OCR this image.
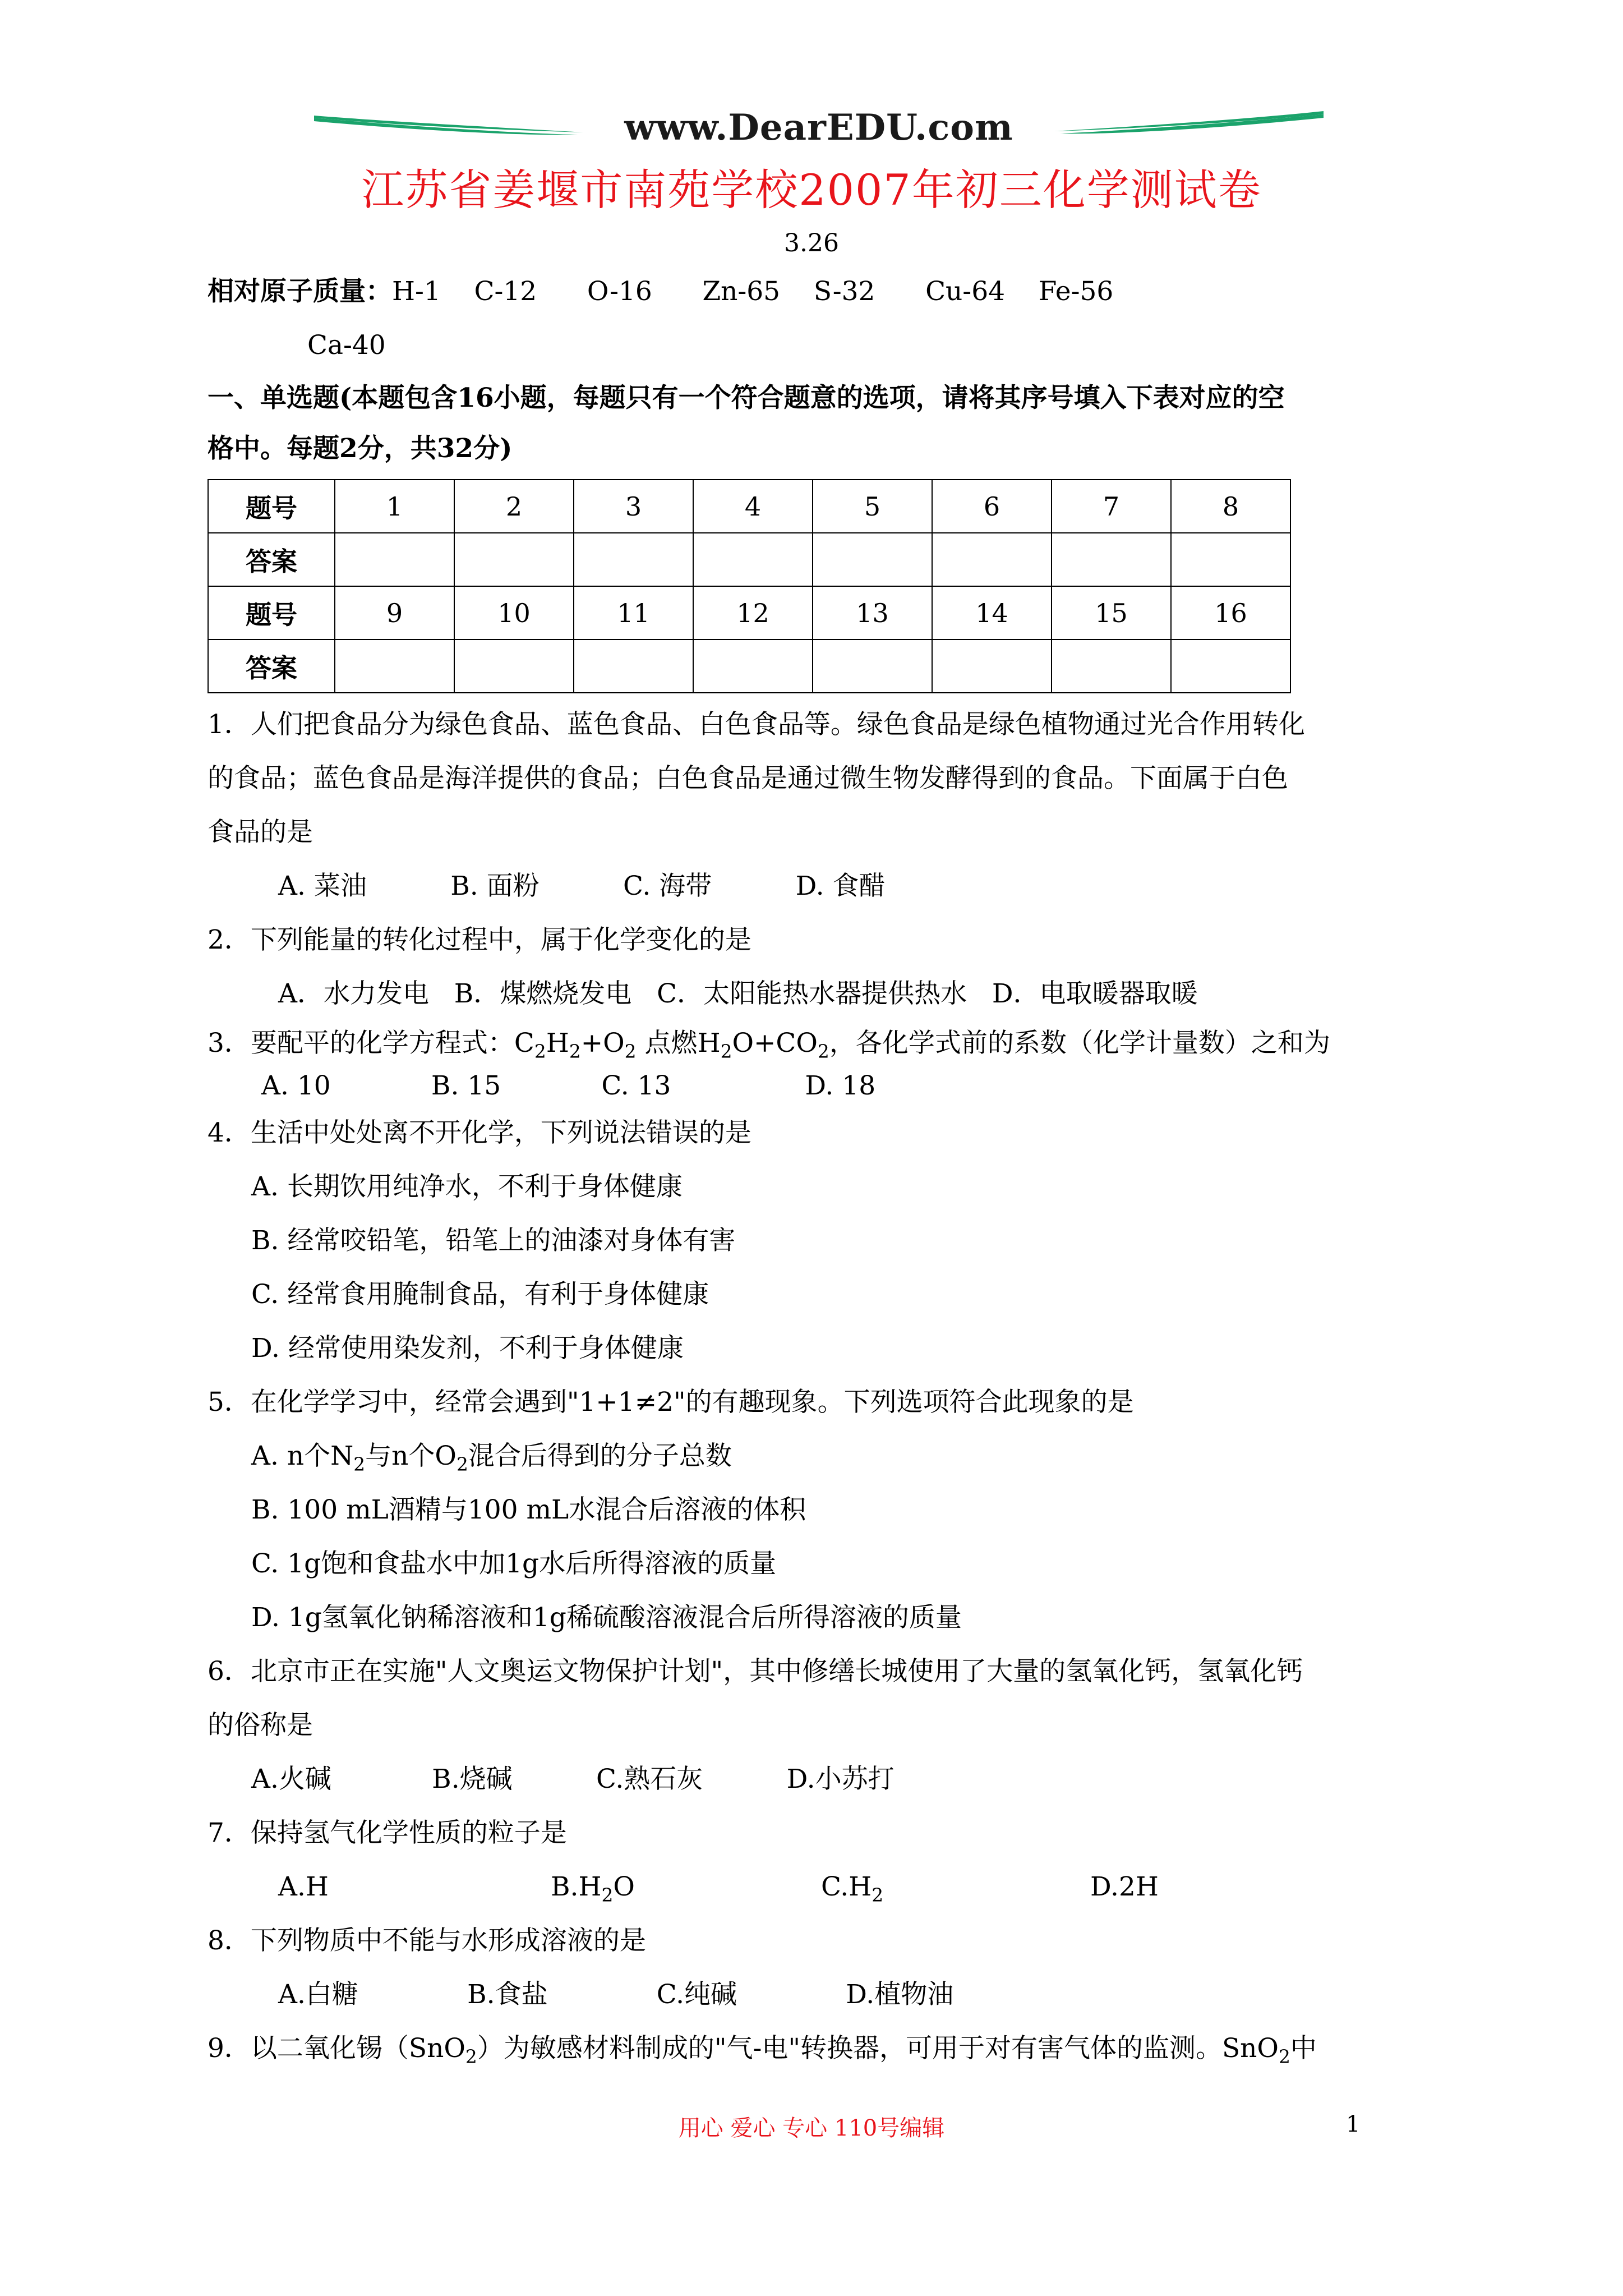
www.DearEDU.com
江苏省姜堰市南苑学校2007年初三化学测试卷
3.26
相对原子质量：H-1 C-12 O-16 Zn-65 S-32 Cu-64 Fe-56
Ca-40
一、单选题(本题包含16小题，每题只有一个符合题意的选项，请将其序号填入下表对应的空
格中。每题2分，共32分)
题号	1	2	3	4	5	6	7	8
答案								
题号	9	10	11	12	13	14	15	16
答案								
1．人们把食品分为绿色食品、蓝色食品、白色食品等。绿色食品是绿色植物通过光合作用转化
的食品；蓝色食品是海洋提供的食品；白色食品是通过微生物发酵得到的食品。下面属于白色
食品的是
A. 菜油          B. 面粉          C. 海带          D. 食醋
2．下列能量的转化过程中，属于化学变化的是
A．水力发电   B．煤燃烧发电   C．太阳能热水器提供热水   D．电取暖器取暖
3．要配平的化学方程式：$C_2H_2+O_2$ 点燃$H_2O+CO_2$，各化学式前的系数（化学计量数）之和为
A. 10            B. 15            C. 13                D. 18
4．生活中处处离不开化学，下列说法错误的是
A. 长期饮用纯净水，不利于身体健康
B. 经常咬铅笔，铅笔上的油漆对身体有害
C. 经常食用腌制食品，有利于身体健康
D. 经常使用染发剂，不利于身体健康
5．在化学学习中，经常会遇到"1+1≠2"的有趣现象。下列选项符合此现象的是
A. n个$N_2$与n个$O_2$混合后得到的分子总数
B. 100 mL酒精与100 mL水混合后溶液的体积
C. 1g饱和食盐水中加1g水后所得溶液的质量
D. 1g氢氧化钠稀溶液和1g稀硫酸溶液混合后所得溶液的质量
6．北京市正在实施"人文奥运文物保护计划"，其中修缮长城使用了大量的氢氧化钙，氢氧化钙
的俗称是
A.火碱            B.烧碱          C.熟石灰          D.小苏打
7．保持氢气化学性质的粒子是
A.H	$B.H_2O$	$C.H_2$	D.2H
8．下列物质中不能与水形成溶液的是
A.白糖             B.食盐             C.纯碱             D.植物油
9．以二氧化锡（SnO$_2$）为敏感材料制成的"气-电"转换器，可用于对有害气体的监测。SnO$_2$中
用心 爱心 专心 110号编辑	1
